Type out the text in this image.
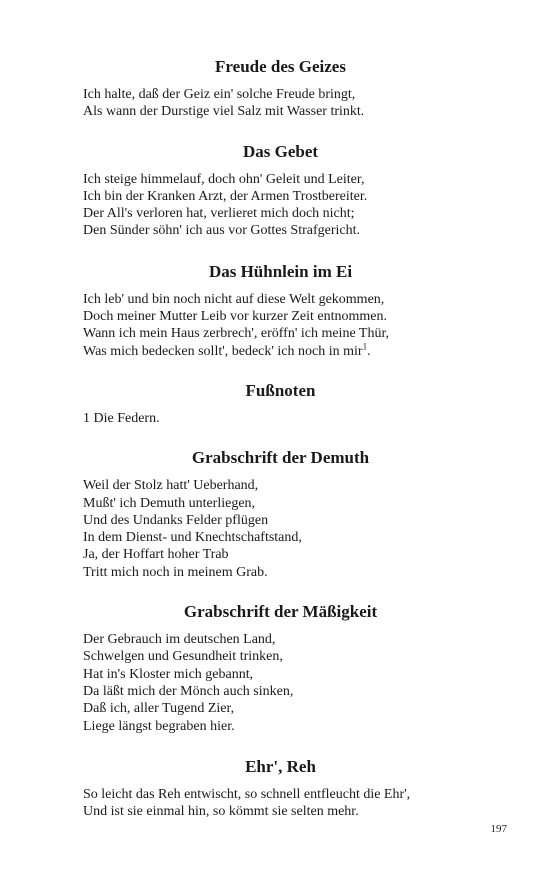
Freude des Geizes
Ich halte, daß der Geiz ein' solche Freude bringt,
Als wann der Durstige viel Salz mit Wasser trinkt.
Das Gebet
Ich steige himmelauf, doch ohn' Geleit und Leiter,
Ich bin der Kranken Arzt, der Armen Trostbereiter.
Der All's verloren hat, verlieret mich doch nicht;
Den Sünder söhn' ich aus vor Gottes Strafgericht.
Das Hühnlein im Ei
Ich leb' und bin noch nicht auf diese Welt gekommen,
Doch meiner Mutter Leib vor kurzer Zeit entnommen.
Wann ich mein Haus zerbrech', eröffn' ich meine Thür,
Was mich bedecken sollt', bedeck' ich noch in mir$^1$.
Fußnoten
1 Die Federn.
Grabschrift der Demuth
Weil der Stolz hatt' Ueberhand,
Mußt' ich Demuth unterliegen,
Und des Undanks Felder pflügen
In dem Dienst- und Knechtschaftstand,
Ja, der Hoffart hoher Trab
Tritt mich noch in meinem Grab.
Grabschrift der Mäßigkeit
Der Gebrauch im deutschen Land,
Schwelgen und Gesundheit trinken,
Hat in's Kloster mich gebannt,
Da läßt mich der Mönch auch sinken,
Daß ich, aller Tugend Zier,
Liege längst begraben hier.
Ehr', Reh
So leicht das Reh entwischt, so schnell entfleucht die Ehr',
Und ist sie einmal hin, so kömmt sie selten mehr.
197
